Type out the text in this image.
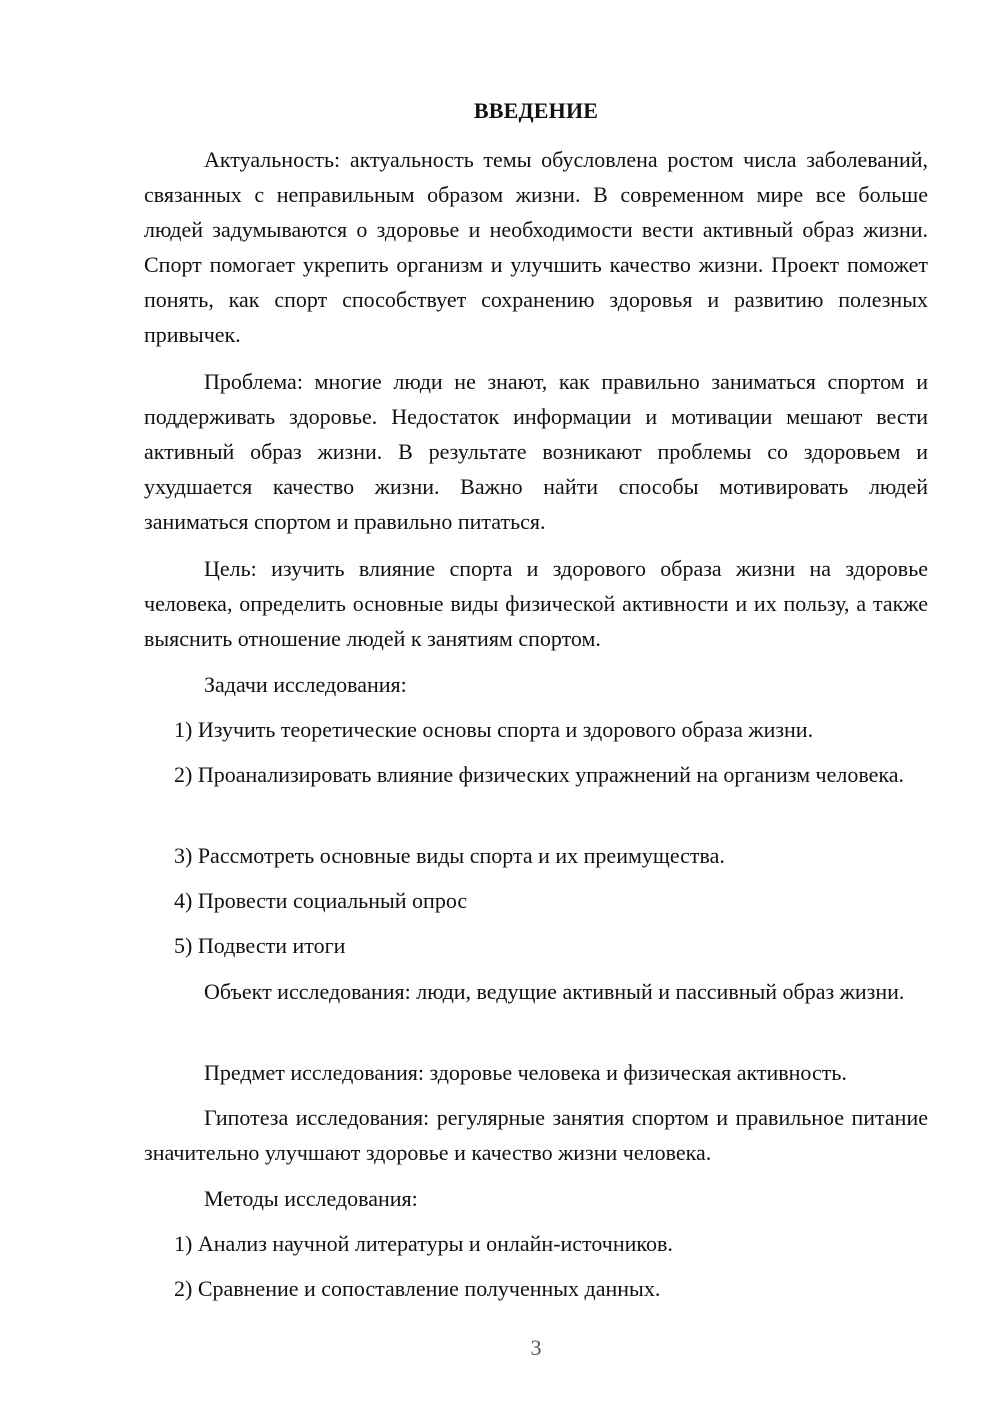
ВВЕДЕНИЕ

Актуальность: актуальность темы обусловлена ростом числа заболеваний, связанных с неправильным образом жизни. В современном мире все больше людей задумываются о здоровье и необходимости вести активный образ жизни. Спорт помогает укрепить организм и улучшить качество жизни. Проект поможет понять, как спорт способствует сохранению здоровья и развитию полезных привычек.

Проблема: многие люди не знают, как правильно заниматься спортом и поддерживать здоровье. Недостаток информации и мотивации мешают вести активный образ жизни. В результате возникают проблемы со здоровьем и ухудшается качество жизни. Важно найти способы мотивировать людей заниматься спортом и правильно питаться.

Цель: изучить влияние спорта и здорового образа жизни на здоровье человека, определить основные виды физической активности и их пользу, а также выяснить отношение людей к занятиям спортом.

Задачи исследования:

1) Изучить теоретические основы спорта и здорового образа жизни.

2) Проанализировать влияние физических упражнений на организм человека.

3) Рассмотреть основные виды спорта и их преимущества.

4) Провести социальный опрос

5) Подвести итоги

Объект исследования: люди, ведущие активный и пассивный образ жизни.

Предмет исследования: здоровье человека и физическая активность.

Гипотеза исследования: регулярные занятия спортом и правильное питание значительно улучшают здоровье и качество жизни человека.

Методы исследования:

1) Анализ научной литературы и онлайн-источников.

2) Сравнение и сопоставление полученных данных.

3
